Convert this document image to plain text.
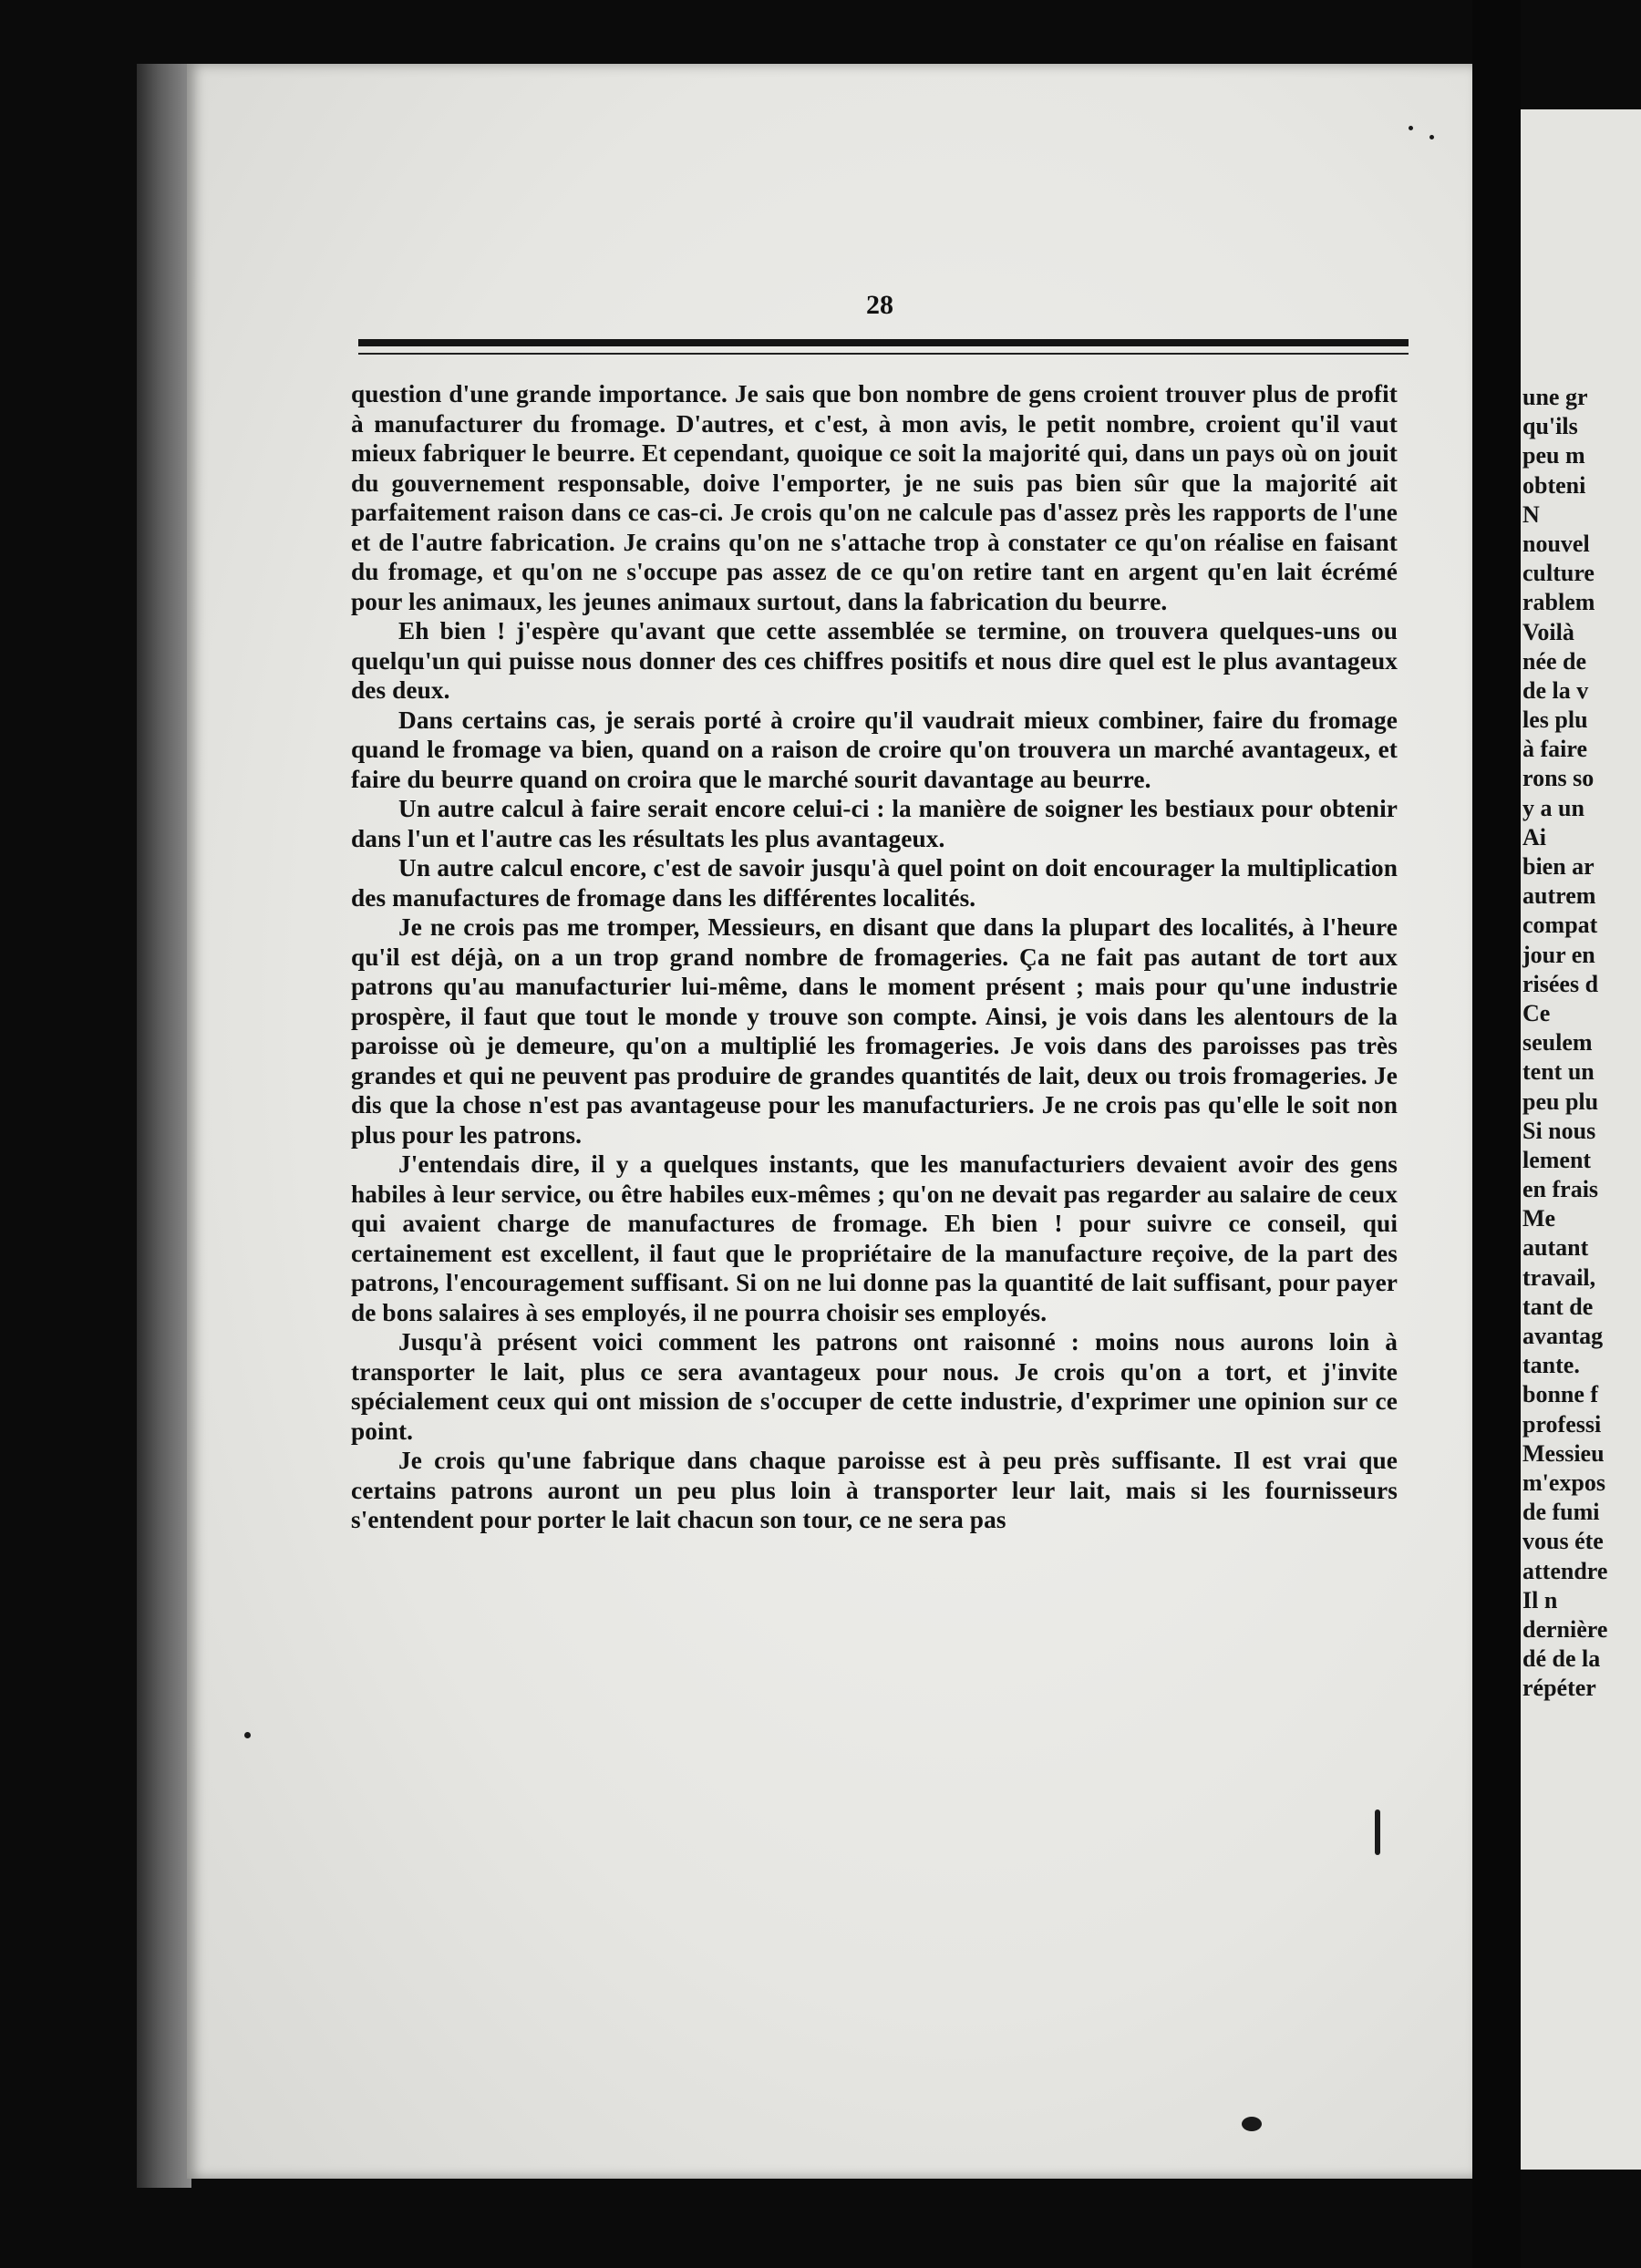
une gr
qu'ils
peu m
obteni
N
nouvel
culture
rablem
Voilà
née de
de la v
les plu
à faire
rons so
y a un
Ai
bien ar
autrem
compat
jour en
risées d
Ce
seulem
tent un
peu plu
Si nous
lement
en frais
Me
autant
travail,
tant de
avantag
tante.
bonne f
professi
Messieu
m'expos
de fumi
vous éte
attendre
Il n
dernière
dé de la
répéter
28

question d'une grande importance. Je sais que bon nombre de gens croient trouver plus de profit à manufacturer du fromage. D'autres, et c'est, à mon avis, le petit nombre, croient qu'il vaut mieux fabriquer le beurre. Et cependant, quoique ce soit la majorité qui, dans un pays où on jouit du gouvernement responsable, doive l'emporter, je ne suis pas bien sûr que la majorité ait parfaitement raison dans ce cas-ci. Je crois qu'on ne calcule pas d'assez près les rapports de l'une et de l'autre fabrication. Je crains qu'on ne s'attache trop à constater ce qu'on réalise en faisant du fromage, et qu'on ne s'occupe pas assez de ce qu'on retire tant en argent qu'en lait écrémé pour les animaux, les jeunes animaux surtout, dans la fabrication du beurre.

Eh bien ! j'espère qu'avant que cette assemblée se termine, on trouvera quelques-uns ou quelqu'un qui puisse nous donner des ces chiffres positifs et nous dire quel est le plus avantageux des deux.

Dans certains cas, je serais porté à croire qu'il vaudrait mieux combiner, faire du fromage quand le fromage va bien, quand on a raison de croire qu'on trouvera un marché avantageux, et faire du beurre quand on croira que le marché sourit davantage au beurre.

Un autre calcul à faire serait encore celui-ci : la manière de soigner les bestiaux pour obtenir dans l'un et l'autre cas les résultats les plus avantageux.

Un autre calcul encore, c'est de savoir jusqu'à quel point on doit encourager la multiplication des manufactures de fromage dans les différentes localités.

Je ne crois pas me tromper, Messieurs, en disant que dans la plupart des localités, à l'heure qu'il est déjà, on a un trop grand nombre de fromageries. Ça ne fait pas autant de tort aux patrons qu'au manufacturier lui-même, dans le moment présent ; mais pour qu'une industrie prospère, il faut que tout le monde y trouve son compte. Ainsi, je vois dans les alentours de la paroisse où je demeure, qu'on a multiplié les fromageries. Je vois dans des paroisses pas très grandes et qui ne peuvent pas produire de grandes quantités de lait, deux ou trois fromageries. Je dis que la chose n'est pas avantageuse pour les manufacturiers. Je ne crois pas qu'elle le soit non plus pour les patrons.

J'entendais dire, il y a quelques instants, que les manufacturiers devaient avoir des gens habiles à leur service, ou être habiles eux-mêmes ; qu'on ne devait pas regarder au salaire de ceux qui avaient charge de manufactures de fromage. Eh bien ! pour suivre ce conseil, qui certainement est excellent, il faut que le propriétaire de la manufacture reçoive, de la part des patrons, l'encouragement suffisant. Si on ne lui donne pas la quantité de lait suffisant, pour payer de bons salaires à ses employés, il ne pourra choisir ses employés.

Jusqu'à présent voici comment les patrons ont raisonné : moins nous aurons loin à transporter le lait, plus ce sera avantageux pour nous. Je crois qu'on a tort, et j'invite spécialement ceux qui ont mission de s'occuper de cette industrie, d'exprimer une opinion sur ce point.

Je crois qu'une fabrique dans chaque paroisse est à peu près suffisante. Il est vrai que certains patrons auront un peu plus loin à transporter leur lait, mais si les fournisseurs s'entendent pour porter le lait chacun son tour, ce ne sera pas
